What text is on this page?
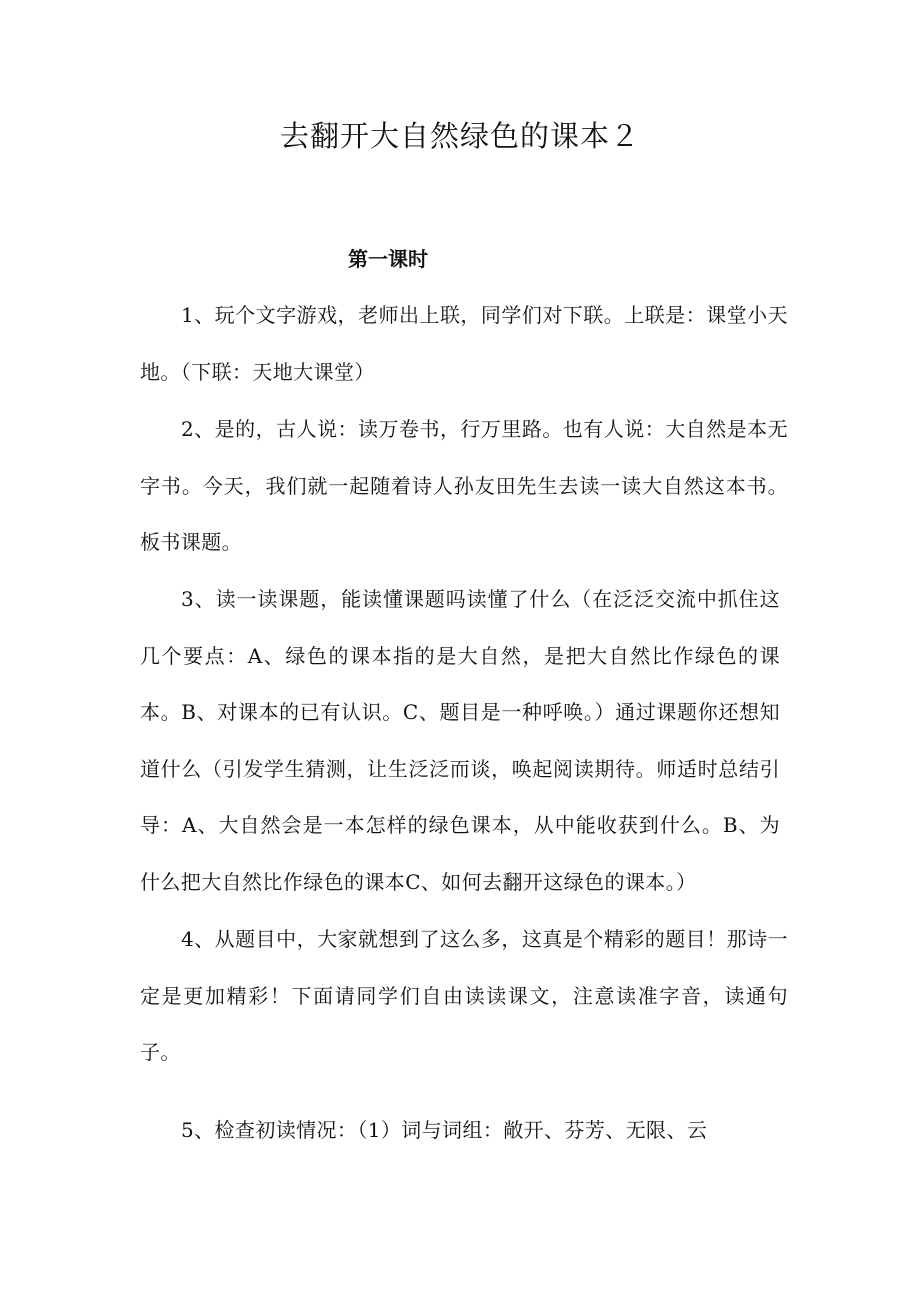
去翻开大自然绿色的课本２
第一课时

1、玩个文字游戏，老师出上联，同学们对下联。上联是：课堂小天地。（下联：天地大课堂）

2、是的，古人说：读万卷书，行万里路。也有人说：大自然是本无字书。今天，我们就一起随着诗人孙友田先生去读一读大自然这本书。板书课题。

3、读一读课题，能读懂课题吗读懂了什么（在泛泛交流中抓住这几个要点：A、绿色的课本指的是大自然，是把大自然比作绿色的课本。B、对课本的已有认识。C、题目是一种呼唤。）通过课题你还想知道什么（引发学生猜测，让生泛泛而谈，唤起阅读期待。师适时总结引导：A、大自然会是一本怎样的绿色课本，从中能收获到什么。B、为什么把大自然比作绿色的课本C、如何去翻开这绿色的课本。）

4、从题目中，大家就想到了这么多，这真是个精彩的题目！那诗一定是更加精彩！下面请同学们自由读读课文，注意读准字音，读通句子。

5、检查初读情况：（1）词与词组：敞开、芬芳、无限、云
